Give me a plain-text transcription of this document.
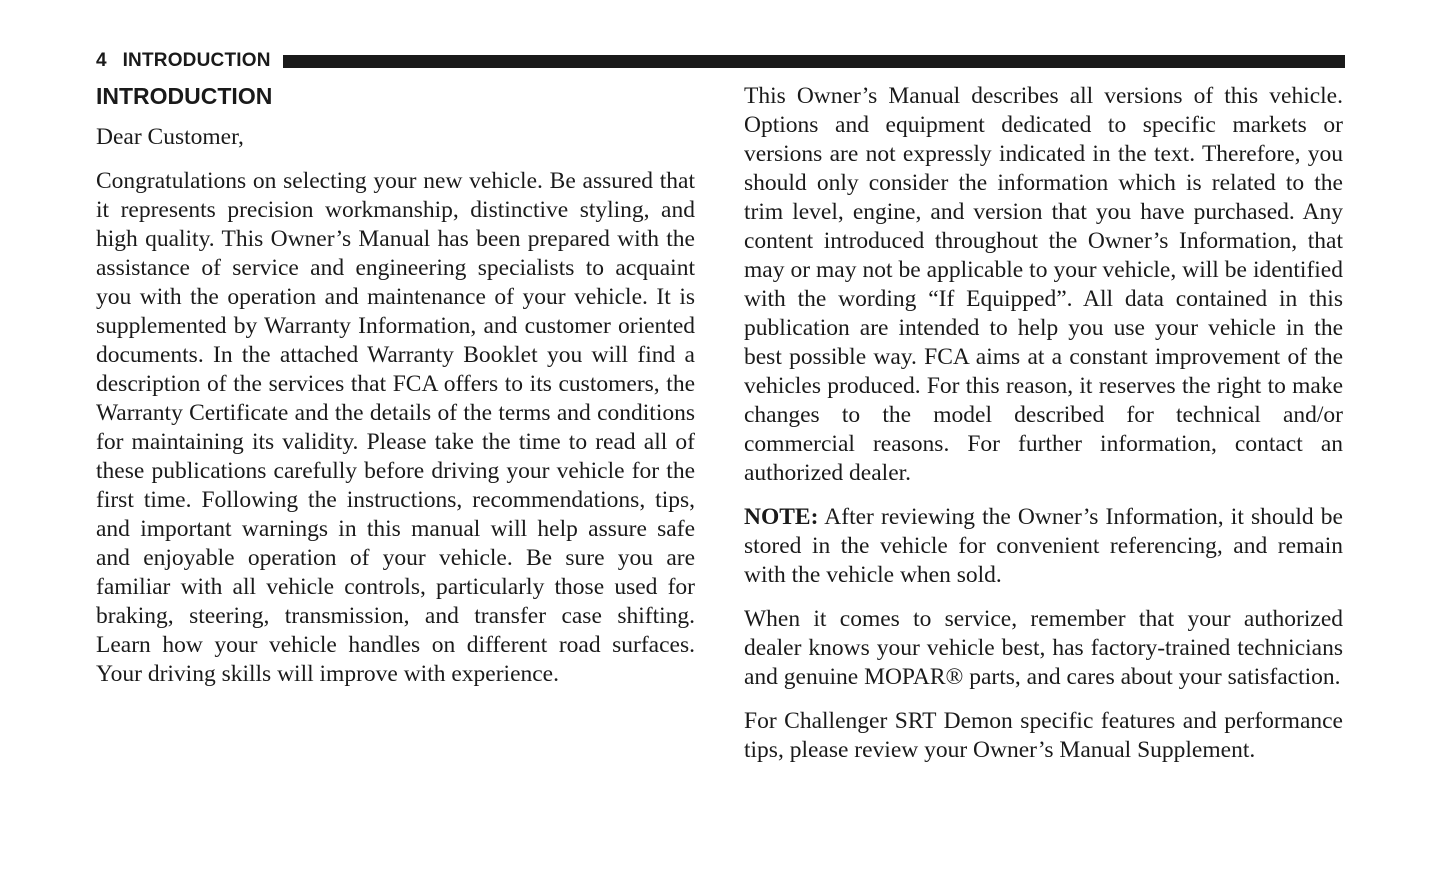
4 INTRODUCTION
INTRODUCTION

Dear Customer,

Congratulations on selecting your new vehicle. Be assured that it represents precision workmanship, distinctive styling, and high quality. This Owner’s Manual has been prepared with the assistance of service and engineering specialists to acquaint you with the operation and maintenance of your vehicle. It is supplemented by Warranty Information, and customer oriented documents. In the attached Warranty Booklet you will find a description of the services that FCA offers to its customers, the Warranty Certificate and the details of the terms and conditions for maintaining its validity. Please take the time to read all of these publications carefully before driving your vehicle for the first time. Following the instructions, recommendations, tips, and important warnings in this manual will help assure safe and enjoyable operation of your vehicle. Be sure you are familiar with all vehicle controls, particularly those used for braking, steering, transmission, and transfer case shifting. Learn how your vehicle handles on different road surfaces. Your driving skills will improve with experience.

This Owner’s Manual describes all versions of this vehicle. Options and equipment dedicated to specific markets or versions are not expressly indicated in the text. Therefore, you should only consider the information which is related to the trim level, engine, and version that you have purchased. Any content introduced throughout the Owner’s Information, that may or may not be applicable to your vehicle, will be identified with the wording “If Equipped”. All data contained in this publication are intended to help you use your vehicle in the best possible way. FCA aims at a constant improvement of the vehicles produced. For this reason, it reserves the right to make changes to the model described for technical and/or commercial reasons. For further information, contact an authorized dealer.

NOTE: After reviewing the Owner’s Information, it should be stored in the vehicle for convenient referencing, and remain with the vehicle when sold.

When it comes to service, remember that your authorized dealer knows your vehicle best, has factory-trained technicians and genuine MOPAR® parts, and cares about your satisfaction.

For Challenger SRT Demon specific features and performance tips, please review your Owner’s Manual Supplement.
